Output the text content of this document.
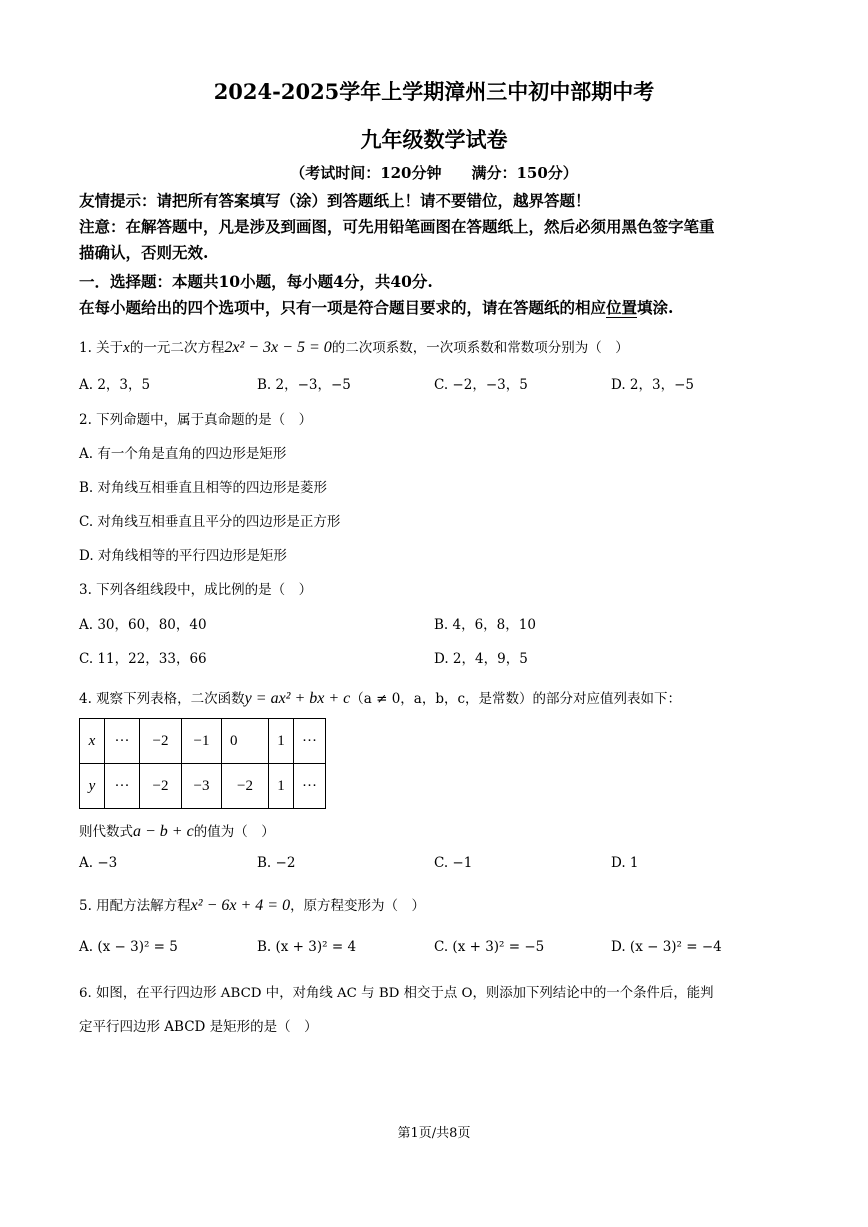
2024-2025学年上学期漳州三中初中部期中考
九年级数学试卷
（考试时间：120分钟　　满分：150分）
友情提示：请把所有答案填写（涂）到答题纸上！请不要错位，越界答题！
注意：在解答题中，凡是涉及到画图，可先用铅笔画图在答题纸上，然后必须用黑色签字笔重
描确认，否则无效.
一．选择题：本题共10小题，每小题4分，共40分.
在每小题给出的四个选项中，只有一项是符合题目要求的，请在答题纸的相应位置填涂.
1. 关于x的一元二次方程2x² − 3x − 5 = 0的二次项系数，一次项系数和常数项分别为（　）
A. 2，3，5	B. 2，−3，−5	C. −2，−3，5	D. 2，3，−5
2. 下列命题中，属于真命题的是（　）
A. 有一个角是直角的四边形是矩形
B. 对角线互相垂直且相等的四边形是菱形
C. 对角线互相垂直且平分的四边形是正方形
D. 对角线相等的平行四边形是矩形
3. 下列各组线段中，成比例的是（　）
A. 30，60，80，40	B. 4，6，8，10
C. 11，22，33，66	D. 2，4，9，5
4. 观察下列表格，二次函数y = ax² + bx + c（a ≠ 0，a，b，c，是常数）的部分对应值列表如下：
x	···	−2	−1	0	1	···
y	···	−2	−3	−2	1	···
则代数式a − b + c的值为（　）
A. −3	B. −2	C. −1	D. 1
5. 用配方法解方程x² − 6x + 4 = 0，原方程变形为（　）
A. (x − 3)² = 5	B. (x + 3)² = 4	C. (x + 3)² = −5	D. (x − 3)² = −4
6. 如图，在平行四边形 ABCD 中，对角线 AC 与 BD 相交于点 O，则添加下列结论中的一个条件后，能判
定平行四边形 ABCD 是矩形的是（　）
第1页/共8页
